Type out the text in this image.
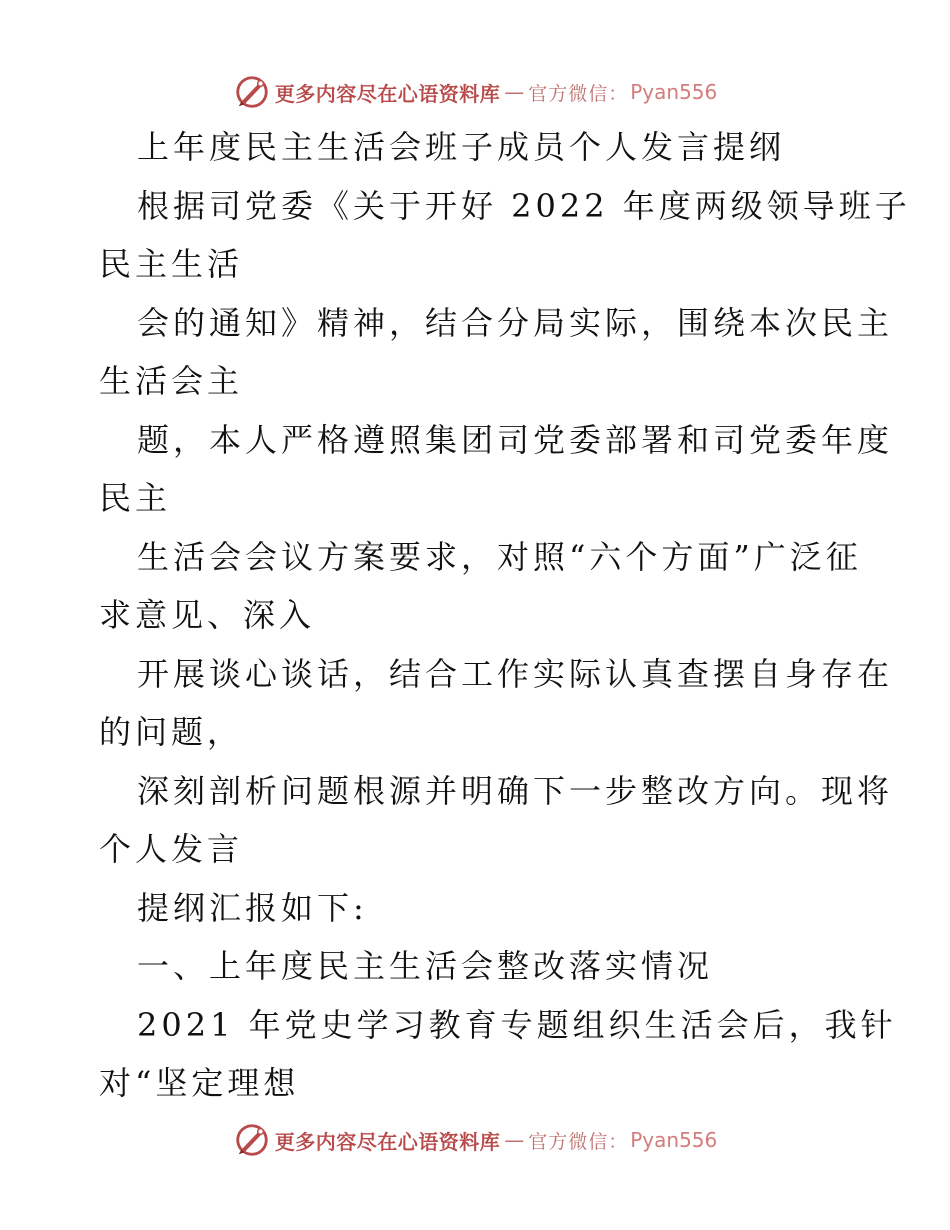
更多内容尽在心语资料库 — 官方微信： Pyan556
上年度民主生活会班子成员个人发言提纲
根据司党委《关于开好 2022 年度两级领导班子
民主生活
会的通知》精神，结合分局实际，围绕本次民主
生活会主
题，本人严格遵照集团司党委部署和司党委年度
民主
生活会会议方案要求，对照“六个方面”广泛征
求意见、深入
开展谈心谈话，结合工作实际认真查摆自身存在
的问题，
深刻剖析问题根源并明确下一步整改方向。现将
个人发言
提纲汇报如下:
一、上年度民主生活会整改落实情况
2021 年党史学习教育专题组织生活会后，我针
对“坚定理想
更多内容尽在心语资料库 — 官方微信： Pyan556
